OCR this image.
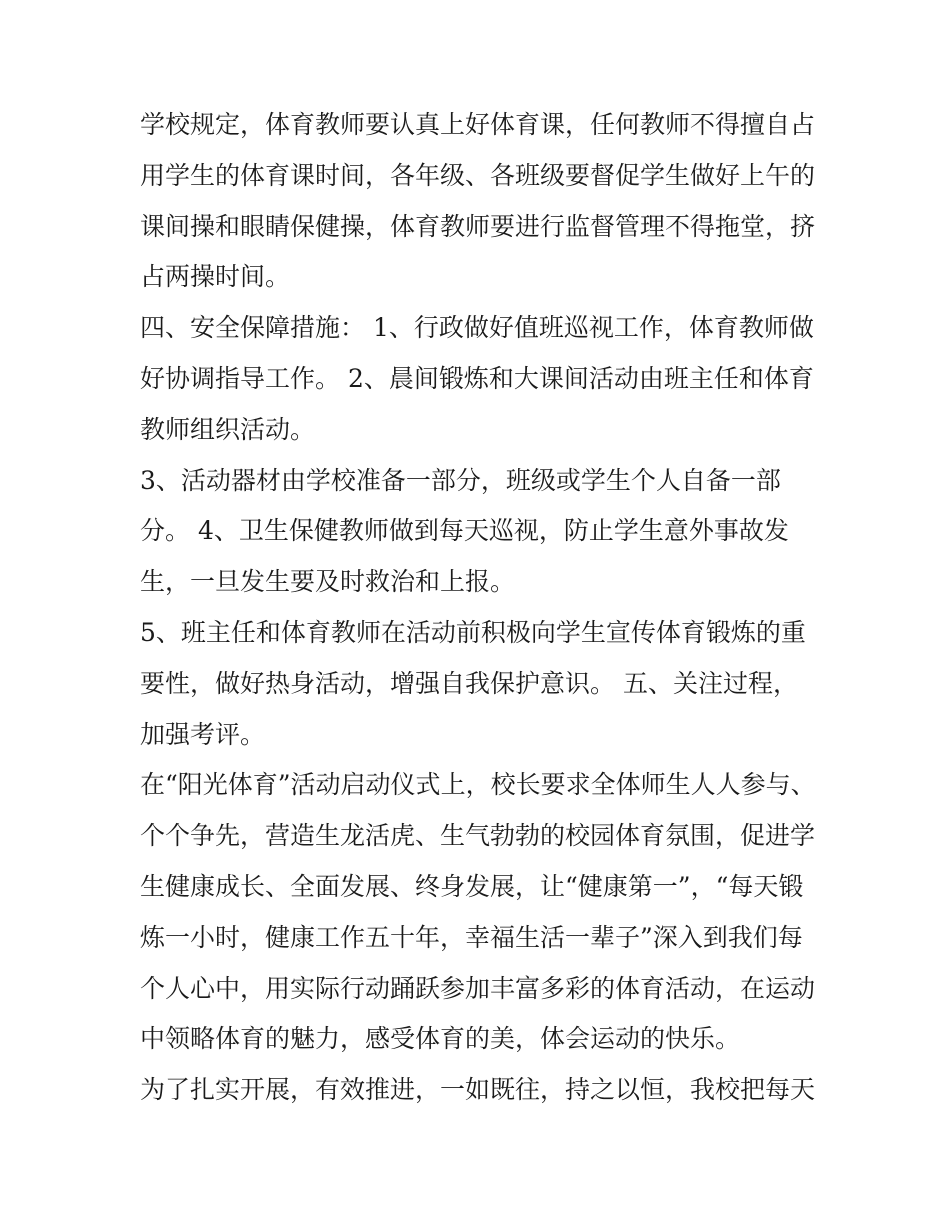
学校规定，体育教师要认真上好体育课，任何教师不得擅自占
用学生的体育课时间，各年级、各班级要督促学生做好上午的
课间操和眼睛保健操，体育教师要进行监督管理不得拖堂，挤
占两操时间。
四、安全保障措施： 1、行政做好值班巡视工作，体育教师做
好协调指导工作。 2、晨间锻炼和大课间活动由班主任和体育
教师组织活动。
3、活动器材由学校准备一部分，班级或学生个人自备一部
分。 4、卫生保健教师做到每天巡视，防止学生意外事故发
生，一旦发生要及时救治和上报。
5、班主任和体育教师在活动前积极向学生宣传体育锻炼的重
要性，做好热身活动，增强自我保护意识。 五、关注过程，
加强考评。
在“阳光体育”活动启动仪式上，校长要求全体师生人人参与、
个个争先，营造生龙活虎、生气勃勃的校园体育氛围，促进学
生健康成长、全面发展、终身发展，让“健康第一”，“每天锻
炼一小时，健康工作五十年，幸福生活一辈子”深入到我们每
个人心中，用实际行动踊跃参加丰富多彩的体育活动，在运动
中领略体育的魅力，感受体育的美，体会运动的快乐。
为了扎实开展，有效推进，一如既往，持之以恒，我校把每天
